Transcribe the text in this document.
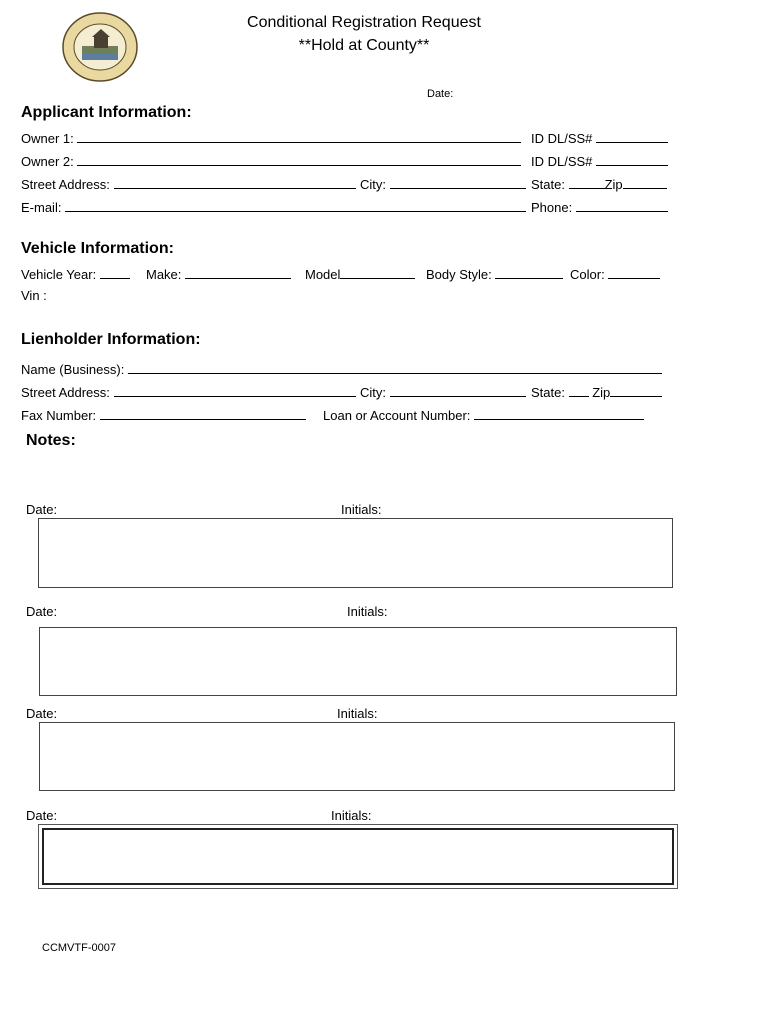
Conditional Registration Request
**Hold at County**
Date:
Applicant Information:
Owner 1:	ID DL/SS#
Owner 2:	ID DL/SS#
Street Address:	City:	State:	Zip
E-mail:	Phone:
Vehicle Information:
Vehicle Year:	Make:	Model	Body Style:	Color:
Vin :
Lienholder Information:
Name (Business):
Street Address:	City:	State: Zip
Fax Number:	Loan or Account Number:
Notes:
Date:	Initials:
Date:	Initials:
Date:	Initials:
Date:	Initials:
CCMVTF-0007
